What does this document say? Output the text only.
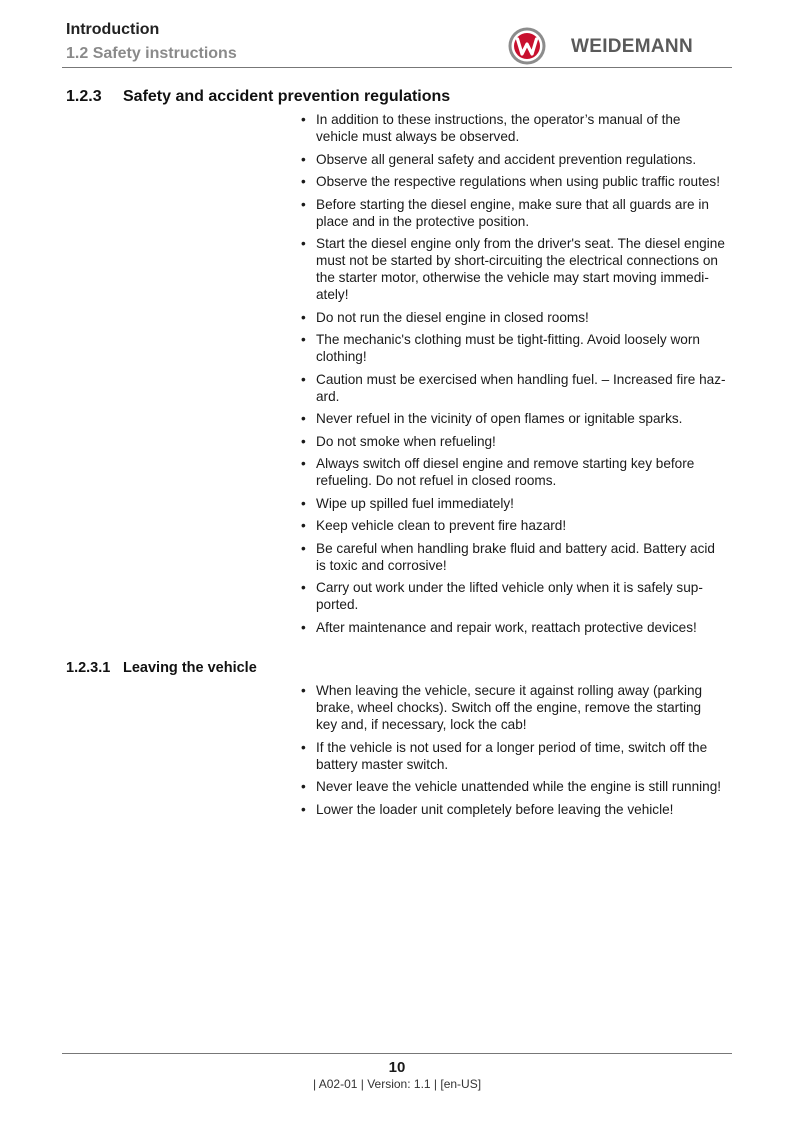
Introduction
1.2 Safety instructions	WEIDEMANN
1.2.3 Safety and accident prevention regulations
• In addition to these instructions, the operator’s manual of the vehicle must always be observed.
• Observe all general safety and accident prevention regulations.
• Observe the respective regulations when using public traffic routes!
• Before starting the diesel engine, make sure that all guards are in place and in the protective position.
• Start the diesel engine only from the driver's seat. The diesel engine must not be started by short-circuiting the electrical connections on the starter motor, otherwise the vehicle may start moving immediately!
• Do not run the diesel engine in closed rooms!
• The mechanic's clothing must be tight-fitting. Avoid loosely worn clothing!
• Caution must be exercised when handling fuel. – Increased fire hazard.
• Never refuel in the vicinity of open flames or ignitable sparks.
• Do not smoke when refueling!
• Always switch off diesel engine and remove starting key before refueling. Do not refuel in closed rooms.
• Wipe up spilled fuel immediately!
• Keep vehicle clean to prevent fire hazard!
• Be careful when handling brake fluid and battery acid. Battery acid is toxic and corrosive!
• Carry out work under the lifted vehicle only when it is safely supported.
• After maintenance and repair work, reattach protective devices!
1.2.3.1 Leaving the vehicle
• When leaving the vehicle, secure it against rolling away (parking brake, wheel chocks). Switch off the engine, remove the starting key and, if necessary, lock the cab!
• If the vehicle is not used for a longer period of time, switch off the battery master switch.
• Never leave the vehicle unattended while the engine is still running!
• Lower the loader unit completely before leaving the vehicle!
10
| A02-01 | Version: 1.1 | [en-US]
